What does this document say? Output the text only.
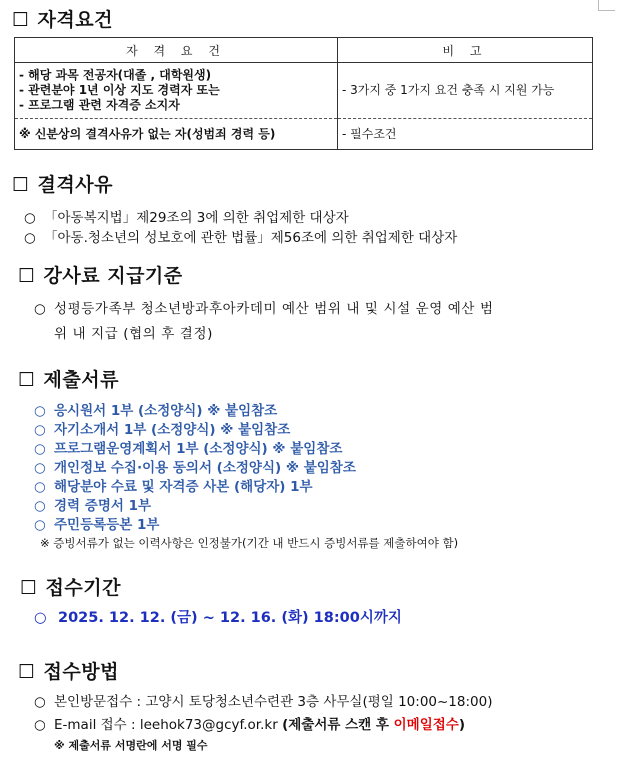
☐ 자격요건
자 격 요 건	비 고

- 해당 과목 전공자(대졸 , 대학원생)
- 관련분야 1년 이상 지도 경력자 또는
- 프로그램 관련 자격증 소지자	- 3가지 중 1가지 요건 충족 시 지원 가능
※ 신분상의 결격사유가 없는 자(성범죄 경력 등)	- 필수조건
☐ 결격사유
○ 「아동복지법」제29조의 3에 의한 취업제한 대상자
○ 「아동.청소년의 성보호에 관한 법률」제56조에 의한 취업제한 대상자
☐ 강사료 지급기준
○ 성평등가족부 청소년방과후아카데미 예산 범위 내 및 시설 운영 예산 범
위 내 지급 (협의 후 결정)
☐ 제출서류
○ 응시원서 1부 (소정양식) ※ 붙임참조
○ 자기소개서 1부 (소정양식) ※ 붙임참조
○ 프로그램운영계획서 1부 (소정양식) ※ 붙임참조
○ 개인정보 수집·이용 동의서 (소정양식) ※ 붙임참조
○ 해당분야 수료 및 자격증 사본 (해당자) 1부
○ 경력 증명서 1부
○ 주민등록등본 1부
※ 증빙서류가 없는 이력사항은 인정불가(기간 내 반드시 증빙서류를 제출하여야 함)
☐ 접수기간
○ 2025. 12. 12. (금) ~ 12. 16. (화) 18:00시까지
☐ 접수방법
○ 본인방문접수 : 고양시 토당청소년수련관 3층 사무실(평일 10:00~18:00)
○ E-mail 접수 : leehok73@gcyf.or.kr (제출서류 스캔 후 이메일접수)
※ 제출서류 서명란에 서명 필수
